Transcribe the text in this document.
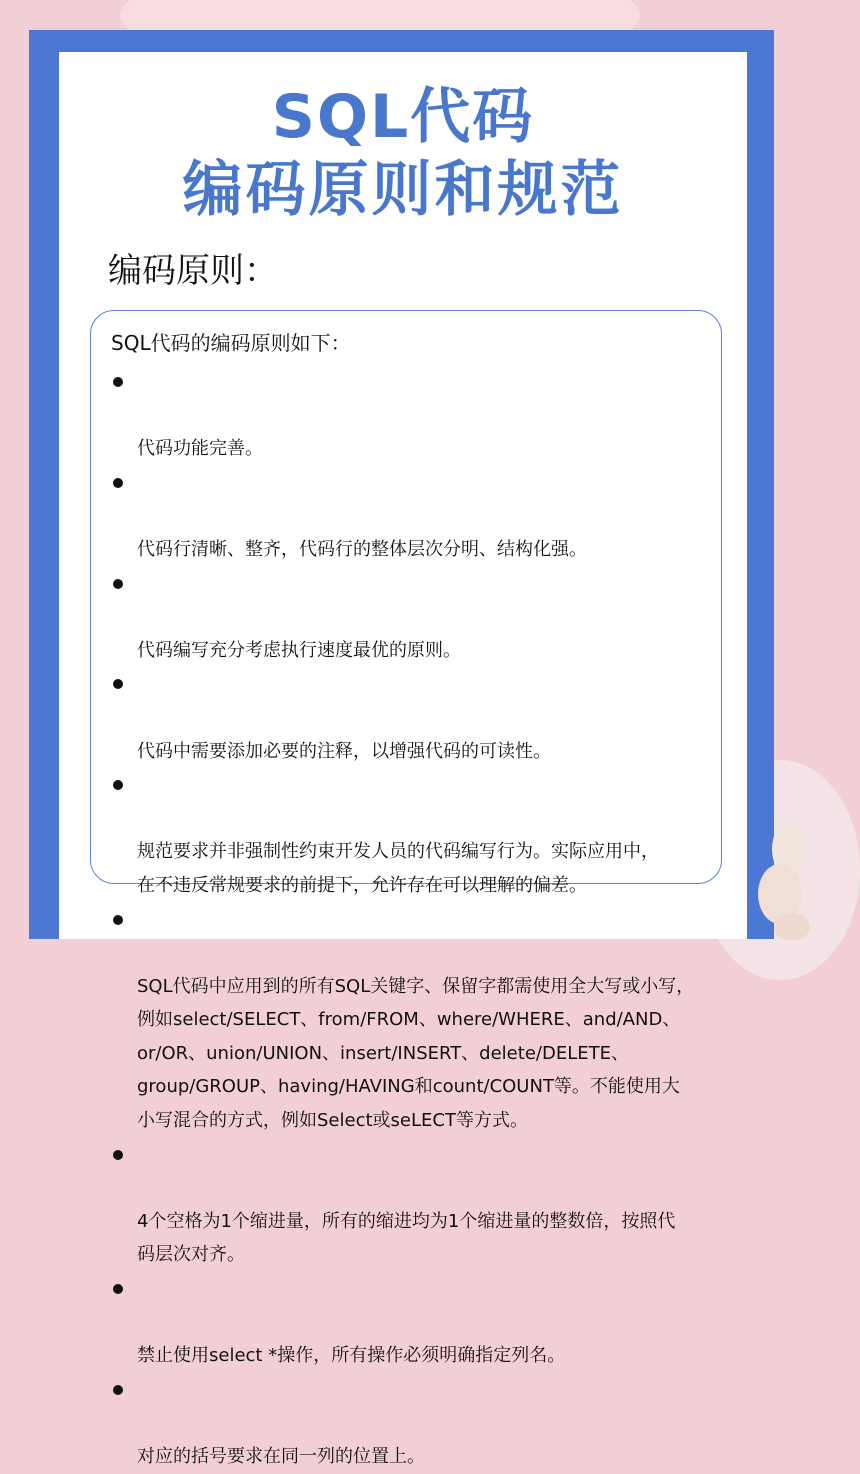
SQL代码
编码原则和规范
编码原则：
SQL代码的编码原则如下：

代码功能完善。

代码行清晰、整齐，代码行的整体层次分明、结构化强。

代码编写充分考虑执行速度最优的原则。

代码中需要添加必要的注释，以增强代码的可读性。

规范要求并非强制性约束开发人员的代码编写行为。实际应用中，
在不违反常规要求的前提下，允许存在可以理解的偏差。

SQL代码中应用到的所有SQL关键字、保留字都需使用全大写或小写，
例如select/SELECT、from/FROM、where/WHERE、and/AND、
or/OR、union/UNION、insert/INSERT、delete/DELETE、
group/GROUP、having/HAVING和count/COUNT等。不能使用大
小写混合的方式，例如Select或seLECT等方式。

4个空格为1个缩进量，所有的缩进均为1个缩进量的整数倍，按照代
码层次对齐。

禁止使用select *操作，所有操作必须明确指定列名。

对应的括号要求在同一列的位置上。
